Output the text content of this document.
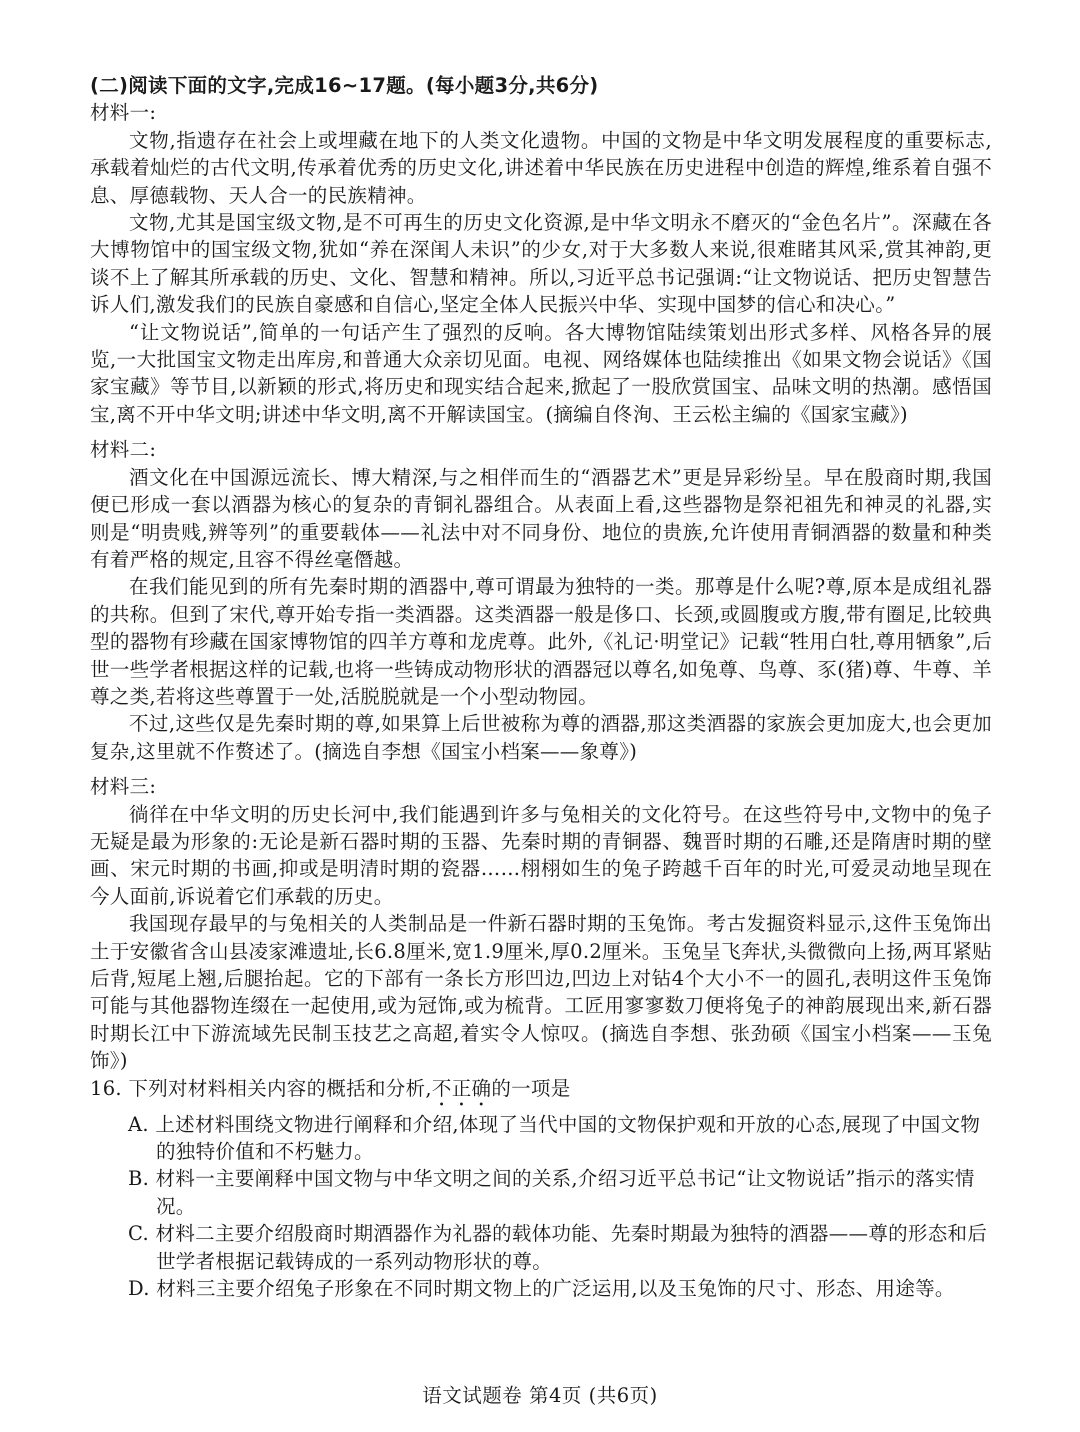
(二)阅读下面的文字,完成16~17题。(每小题3分,共6分)

材料一:

文物,指遗存在社会上或埋藏在地下的人类文化遗物。中国的文物是中华文明发展程度的重要标志,承载着灿烂的古代文明,传承着优秀的历史文化,讲述着中华民族在历史进程中创造的辉煌,维系着自强不息、厚德载物、天人合一的民族精神。

文物,尤其是国宝级文物,是不可再生的历史文化资源,是中华文明永不磨灭的“金色名片”。深藏在各大博物馆中的国宝级文物,犹如“养在深闺人未识”的少女,对于大多数人来说,很难睹其风采,赏其神韵,更谈不上了解其所承载的历史、文化、智慧和精神。所以,习近平总书记强调:“让文物说话、把历史智慧告诉人们,激发我们的民族自豪感和自信心,坚定全体人民振兴中华、实现中国梦的信心和决心。”

“让文物说话”,简单的一句话产生了强烈的反响。各大博物馆陆续策划出形式多样、风格各异的展览,一大批国宝文物走出库房,和普通大众亲切见面。电视、网络媒体也陆续推出《如果文物会说话》《国家宝藏》等节目,以新颖的形式,将历史和现实结合起来,掀起了一股欣赏国宝、品味文明的热潮。感悟国宝,离不开中华文明;讲述中华文明,离不开解读国宝。(摘编自佟洵、王云松主编的《国家宝藏》)

材料二:

酒文化在中国源远流长、博大精深,与之相伴而生的“酒器艺术”更是异彩纷呈。早在殷商时期,我国便已形成一套以酒器为核心的复杂的青铜礼器组合。从表面上看,这些器物是祭祀祖先和神灵的礼器,实则是“明贵贱,辨等列”的重要载体——礼法中对不同身份、地位的贵族,允许使用青铜酒器的数量和种类有着严格的规定,且容不得丝毫僭越。

在我们能见到的所有先秦时期的酒器中,尊可谓最为独特的一类。那尊是什么呢?尊,原本是成组礼器的共称。但到了宋代,尊开始专指一类酒器。这类酒器一般是侈口、长颈,或圆腹或方腹,带有圈足,比较典型的器物有珍藏在国家博物馆的四羊方尊和龙虎尊。此外,《礼记·明堂记》记载“牲用白牡,尊用牺象”,后世一些学者根据这样的记载,也将一些铸成动物形状的酒器冠以尊名,如兔尊、鸟尊、豕(猪)尊、牛尊、羊尊之类,若将这些尊置于一处,活脱脱就是一个小型动物园。

不过,这些仅是先秦时期的尊,如果算上后世被称为尊的酒器,那这类酒器的家族会更加庞大,也会更加复杂,这里就不作赘述了。(摘选自李想《国宝小档案——象尊》)

材料三:

徜徉在中华文明的历史长河中,我们能遇到许多与兔相关的文化符号。在这些符号中,文物中的兔子无疑是最为形象的:无论是新石器时期的玉器、先秦时期的青铜器、魏晋时期的石雕,还是隋唐时期的壁画、宋元时期的书画,抑或是明清时期的瓷器……栩栩如生的兔子跨越千百年的时光,可爱灵动地呈现在今人面前,诉说着它们承载的历史。

我国现存最早的与兔相关的人类制品是一件新石器时期的玉兔饰。考古发掘资料显示,这件玉兔饰出土于安徽省含山县凌家滩遗址,长6.8厘米,宽1.9厘米,厚0.2厘米。玉兔呈飞奔状,头微微向上扬,两耳紧贴后背,短尾上翘,后腿抬起。它的下部有一条长方形凹边,凹边上对钻4个大小不一的圆孔,表明这件玉兔饰可能与其他器物连缀在一起使用,或为冠饰,或为梳背。工匠用寥寥数刀便将兔子的神韵展现出来,新石器时期长江中下游流域先民制玉技艺之高超,着实令人惊叹。(摘选自李想、张劲硕《国宝小档案——玉兔饰》)

16. 下列对材料相关内容的概括和分析,不正确的一项是

A. 上述材料围绕文物进行阐释和介绍,体现了当代中国的文物保护观和开放的心态,展现了中国文物的独特价值和不朽魅力。

B. 材料一主要阐释中国文物与中华文明之间的关系,介绍习近平总书记“让文物说话”指示的落实情况。

C. 材料二主要介绍殷商时期酒器作为礼器的载体功能、先秦时期最为独特的酒器——尊的形态和后世学者根据记载铸成的一系列动物形状的尊。

D. 材料三主要介绍兔子形象在不同时期文物上的广泛运用,以及玉兔饰的尺寸、形态、用途等。

语文试题卷 第4页 (共6页)
